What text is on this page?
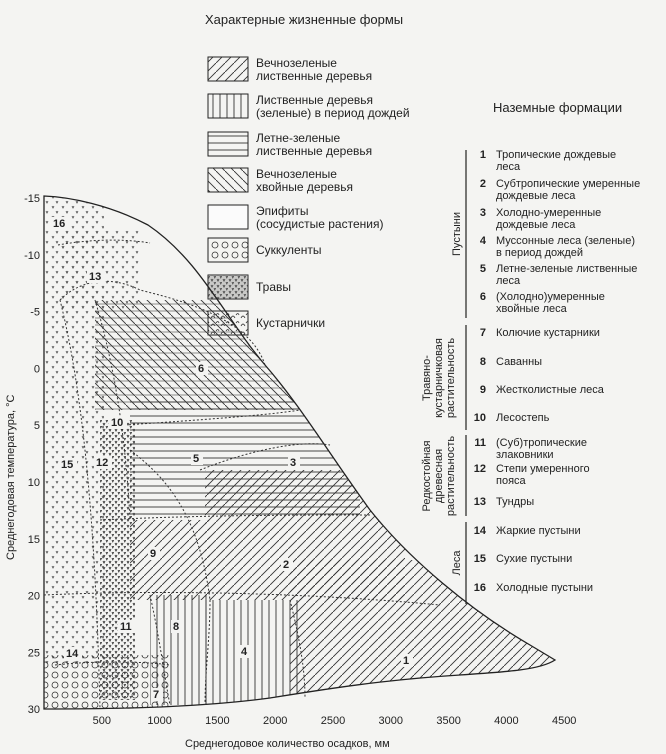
Характерные жизненные формы
Вечнозеленые
лиственные деревья
Лиственные деревья
(зеленые) в период дождей
Летне-зеленые
лиственные деревья
Вечнозеленые
хвойные деревья
Эпифиты
(сосудистые растения)
Суккуленты
Травы
Кустарнички
Наземные формации
1 Тропические дождевые
леса
2 Субтропические умеренные
дождевые леса
3 Холодно-умеренные
дождевые леса
4 Муссонные леса (зеленые)
в период дождей
5 Летне-зеленые лиственные
леса
6 (Холодно)умеренные
хвойные леса
7 Колючие кустарники
8 Саванны
9 Жестколистные леса
10 Лесостепь
11 (Суб)тропические
злаковники
12 Степи умеренного
пояса
13 Тундры
14 Жаркие пустыни
15 Сухие пустыни
16 Холодные пустыни
Пустыни
Травяно- кустарничковая растительность
Редкостойная древесная растительность
Леса
-15
-10
-5
0
5
10
15
20
25
30
500	1000	1500	2000	2500	3000	3500	4000	4500
Среднегодовая температура, °С
Среднегодовое количество осадков, мм
1
2
3
4
5
6
7
8
9
10
11
12
13
14
15
16
